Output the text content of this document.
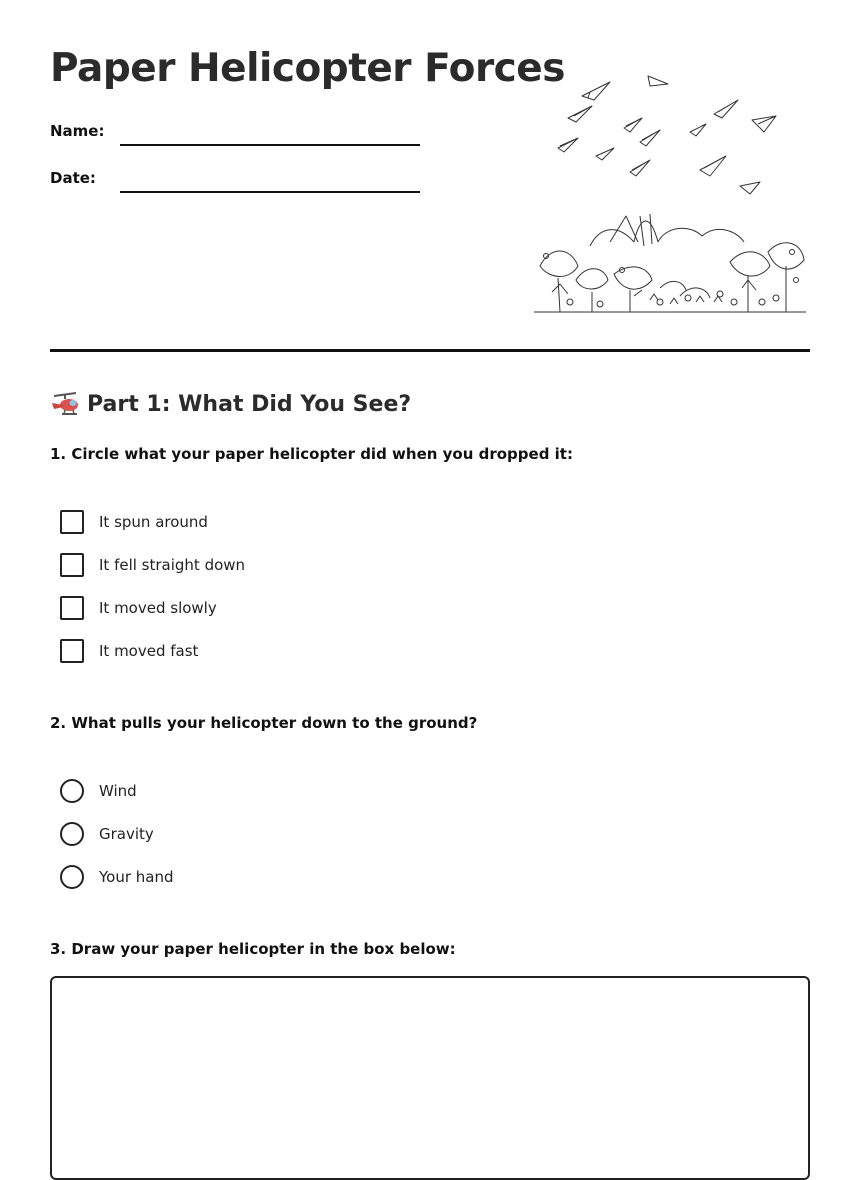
Paper Helicopter Forces
Name:
Date:
Part 1: What Did You See?
1. Circle what your paper helicopter did when you dropped it:
It spun around
It fell straight down
It moved slowly
It moved fast
2. What pulls your helicopter down to the ground?
Wind
Gravity
Your hand
3. Draw your paper helicopter in the box below:
